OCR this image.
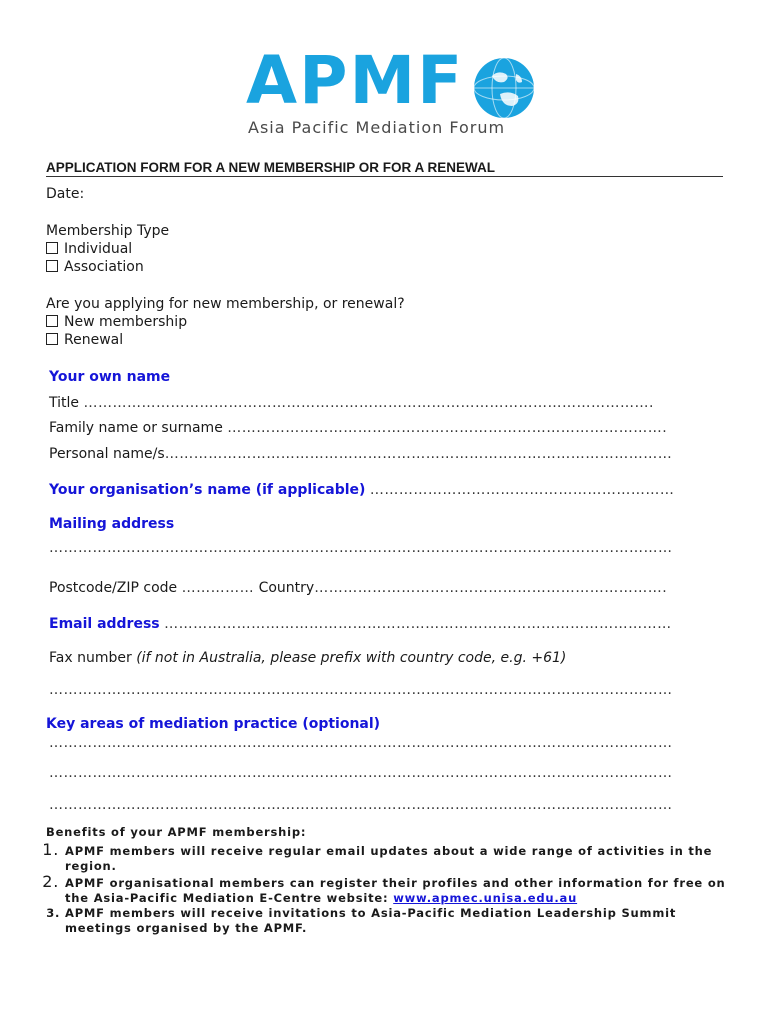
APMF
Asia Pacific Mediation Forum
APPLICATION FORM FOR A NEW MEMBERSHIP OR FOR A RENEWAL
Date:
Membership Type
Individual
Association
Are you applying for new membership, or renewal?
New membership
Renewal
Your own name
Title ……………………………………………………………………………………………………….
Family name or surname ……………………………………………………………………………….
Personal name/s……………………………………………………………………………………………
Your organisation’s name (if applicable) ………………………………………………………
Mailing address
…………………………………………………………………………………………………………………
Postcode/ZIP code …………… Country……………………………………………………………….
Email address ……………………………………………………………………………………………
Fax number (if not in Australia, please prefix with country code, e.g. +61)
…………………………………………………………………………………………………………………
Key areas of mediation practice (optional)
…………………………………………………………………………………………………………………
…………………………………………………………………………………………………………………
…………………………………………………………………………………………………………………
Benefits of your APMF membership:
1. APMF members will receive regular email updates about a wide range of activities in the region.
2. APMF organisational members can register their profiles and other information for free on the Asia-Pacific Mediation E-Centre website: www.apmec.unisa.edu.au
3. APMF members will receive invitations to Asia-Pacific Mediation Leadership Summit meetings organised by the APMF.
